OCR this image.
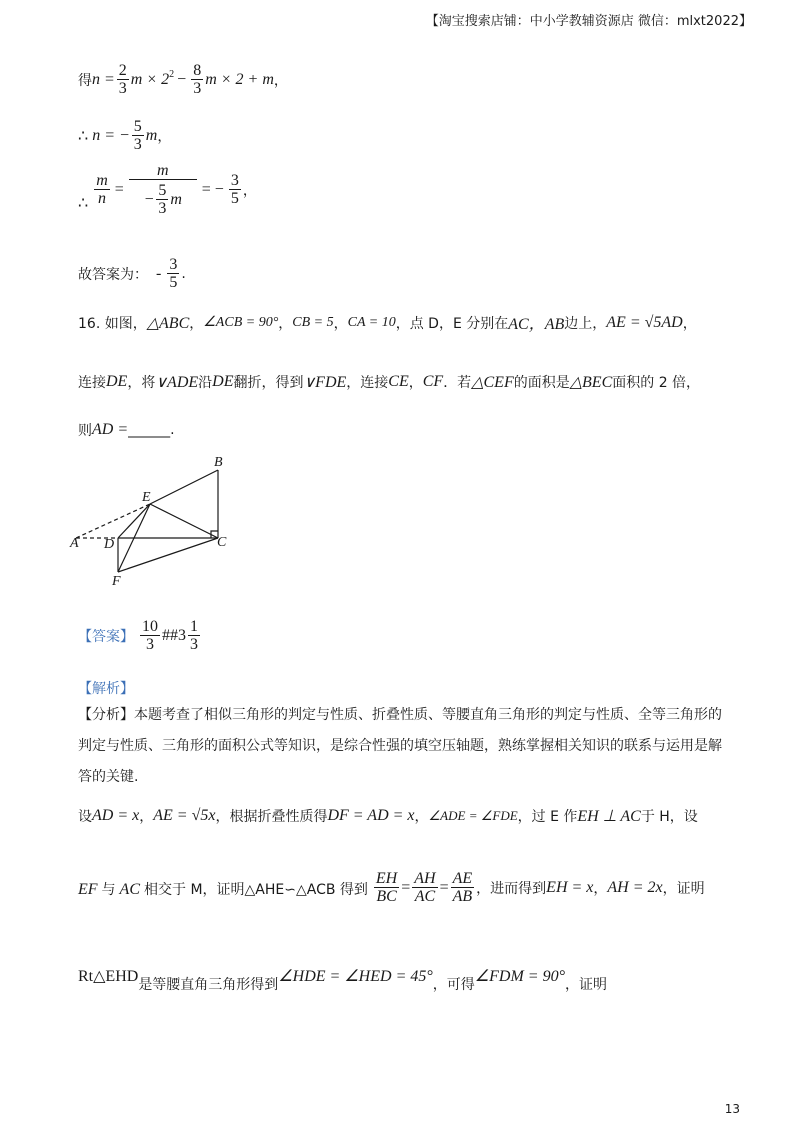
【淘宝搜索店铺：中小学教辅资源店 微信：mlxt2022】
得 $n = \frac{2}{3}$ $m \times 2^2 - \frac{8}{3}$ m × 2 + m ，
∴ n = − $\frac{5}{3}$ m ，
∴ $\frac{m}{n} = \frac{m}{- \frac{5}{3} m}$ = − $\frac{3}{5}$ ，
故答案为： - $\frac{3}{5}$ .
16. 如图， △ABC ， ∠ACB = 90° ， CB = 5 ， CA = 10 ，点 D，E 分别在 AC，AB 边上， AE = √5AD ，
连接 DE ，将 ∨ADE 沿 DE 翻折，得到 ∨FDE ，连接 CE ， CF ．若 △CEF 的面积是 △BEC 面积的 2 倍，
则 AD = ______.
B
E
A D	C
F
【答案】 $\frac{10}{3}$ ##3 $\frac{1}{3}$
【解析】
【分析】本题考查了相似三角形的判定与性质、折叠性质、等腰直角三角形的判定与性质、全等三角形的判定与性质、三角形的面积公式等知识，是综合性强的填空压轴题，熟练掌握相关知识的联系与运用是解答的关键.
设 AD = x ， AE = √5x ，根据折叠性质得 DF = AD = x ， ∠ADE = ∠FDE ，过 E 作 EH ⊥ AC 于 H，设
EF 与 AC 相交于 M，证明△AHE∽△ACB 得到 $\frac{EH}{BC} = \frac{AH}{AC} = \frac{AE}{AB}$ ，进而得到 EH = x ， AH = 2x ，证明
Rt△EHD 是等腰直角三角形得到 ∠HDE = ∠HED = 45° ，可得 ∠FDM = 90° ，证明
13
